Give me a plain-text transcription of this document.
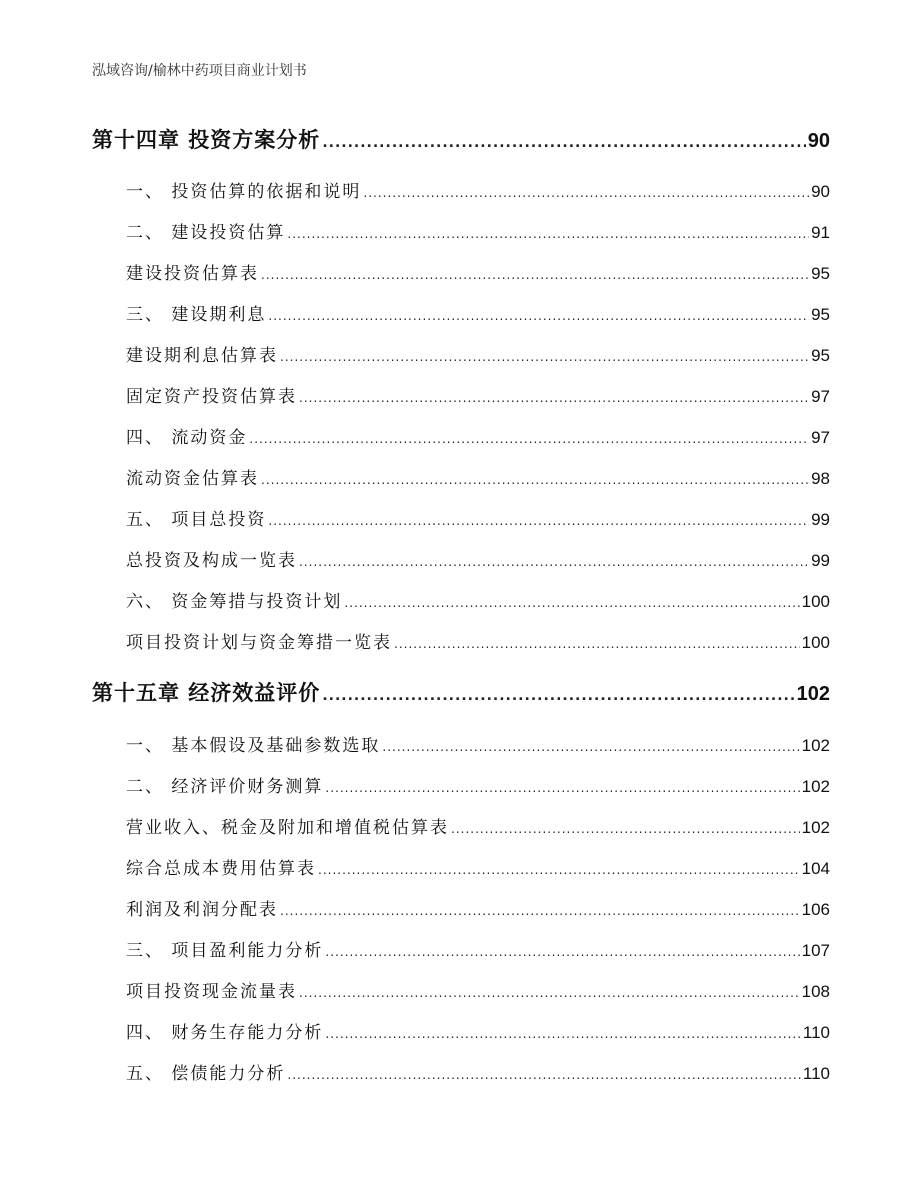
泓域咨询/榆林中药项目商业计划书
第十四章 投资方案分析 .....	90
一、 投资估算的依据和说明 .....	90
二、 建设投资估算 .....	91
建设投资估算表 .....	95
三、 建设期利息 .....	95
建设期利息估算表 .....	95
固定资产投资估算表 .....	97
四、 流动资金 .....	97
流动资金估算表 .....	98
五、 项目总投资 .....	99
总投资及构成一览表 .....	99
六、 资金筹措与投资计划 .....	100
项目投资计划与资金筹措一览表 .....	100
第十五章 经济效益评价 .....	102
一、 基本假设及基础参数选取 .....	102
二、 经济评价财务测算 .....	102
营业收入、税金及附加和增值税估算表 .....	102
综合总成本费用估算表 .....	104
利润及利润分配表 .....	106
三、 项目盈利能力分析 .....	107
项目投资现金流量表 .....	108
四、 财务生存能力分析 .....	110
五、 偿债能力分析 .....	110
